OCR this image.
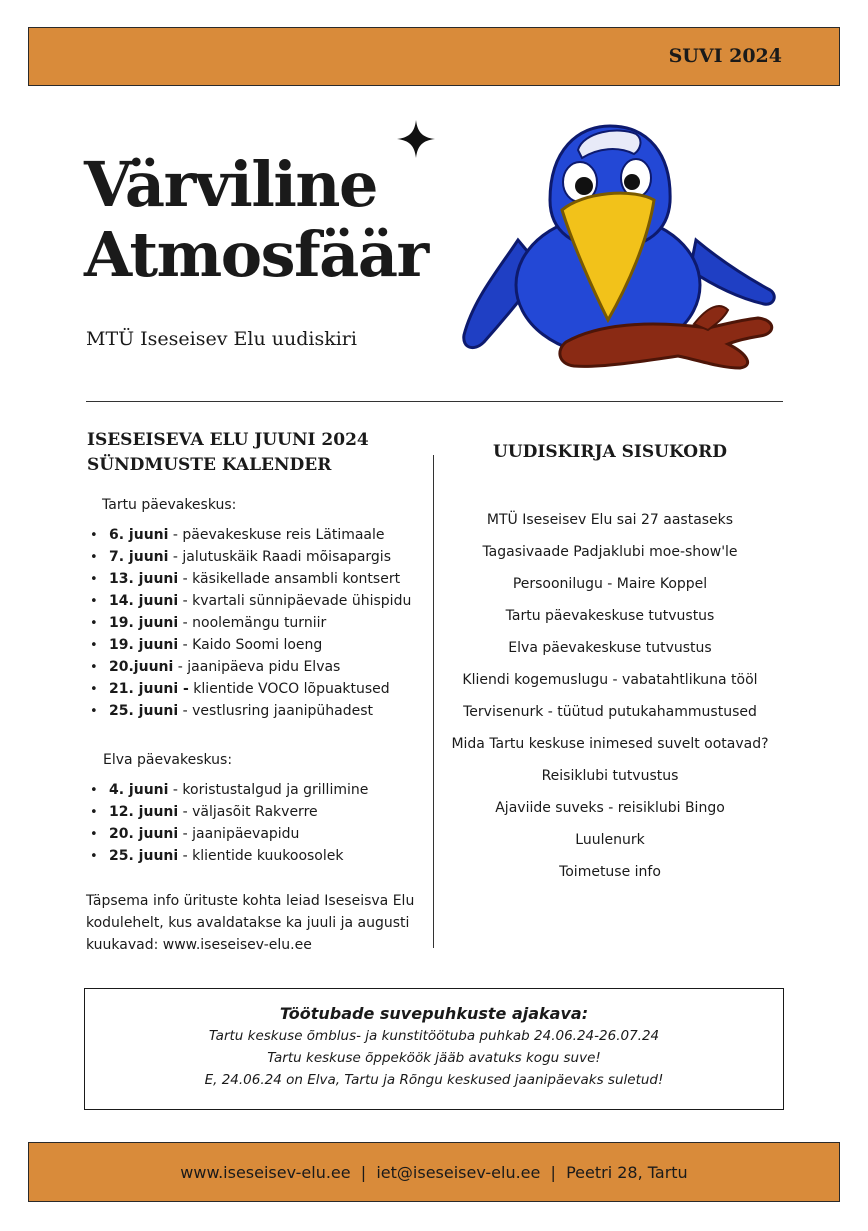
SUVI 2024
Värviline
Atmosfäär
MTÜ Iseseisev Elu uudiskiri
ISESEISEVA ELU JUUNI 2024
SÜNDMUSTE KALENDER
Tartu päevakeskus:
• 6. juuni - päevakeskuse reis Lätimaale
• 7. juuni - jalutuskäik Raadi mõisapargis
• 13. juuni - käsikellade ansambli kontsert
• 14. juuni - kvartali sünnipäevade ühispidu
• 19. juuni - noolemängu turniir
• 19. juuni - Kaido Soomi loeng
• 20.juuni - jaanipäeva pidu Elvas
• 21. juuni - klientide VOCO lõpuaktused
• 25. juuni - vestlusring jaanipühadest
Elva päevakeskus:
• 4. juuni - koristustalgud ja grillimine
• 12. juuni - väljasõit Rakverre
• 20. juuni - jaanipäevapidu
• 25. juuni - klientide kuukoosolek
Täpsema info ürituste kohta leiad Iseseisva Elu
kodulehelt, kus avaldatakse ka juuli ja augusti
kuukavad: www.iseseisev-elu.ee
UUDISKIRJA SISUKORD
MTÜ Iseseisev Elu sai 27 aastaseks
Tagasivaade Padjaklubi moe-show'le
Persoonilugu - Maire Koppel
Tartu päevakeskuse tutvustus
Elva päevakeskuse tutvustus
Kliendi kogemuslugu - vabatahtlikuna tööl
Tervisenurk - tüütud putukahammustused
Mida Tartu keskuse inimesed suvelt ootavad?
Reisiklubi tutvustus
Ajaviide suveks - reisiklubi Bingo
Luulenurk
Toimetuse info
Töötubade suvepuhkuste ajakava:
Tartu keskuse õmblus- ja kunstitöötuba puhkab 24.06.24-26.07.24
Tartu keskuse õppeköök jääb avatuks kogu suve!
E, 24.06.24 on Elva, Tartu ja Rõngu keskused jaanipäevaks suletud!
www.iseseisev-elu.ee  |  iet@iseseisev-elu.ee  |  Peetri 28, Tartu
